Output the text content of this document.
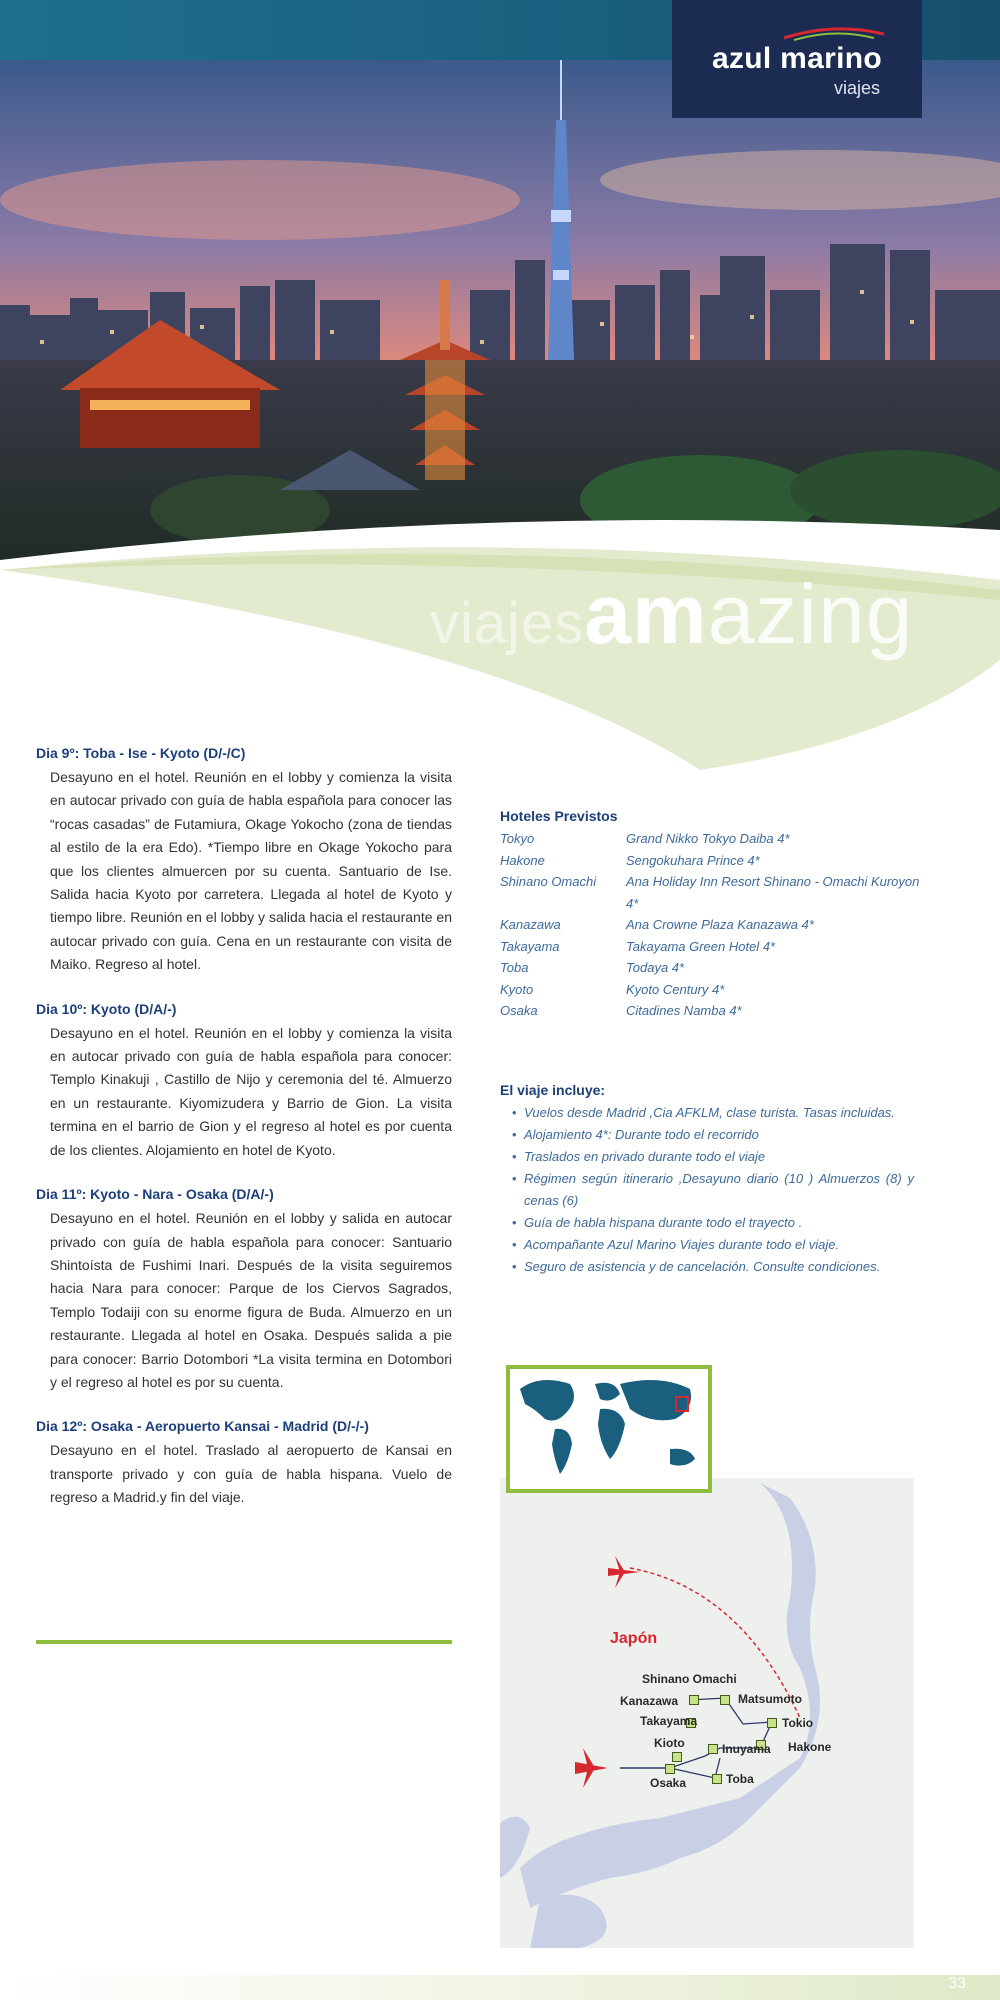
viajesamazing
azul marino
viajes
Dia 9º: Toba - Ise - Kyoto (D/-/C)
Desayuno en el hotel. Reunión en el lobby y comienza la visita en autocar privado con guía de habla española para conocer las “rocas casadas” de Futamiura, Okage Yokocho (zona de tiendas al estilo de la era Edo). *Tiempo libre en Okage Yokocho para que los clientes almuercen por su cuenta. Santuario de Ise. Salida hacia Kyoto por carretera. Llegada al hotel de Kyoto y tiempo libre. Reunión en el lobby y salida hacia el restaurante en autocar privado con guía. Cena en un restaurante con visita de Maiko. Regreso al hotel.
Dia 10º: Kyoto (D/A/-)
Desayuno en el hotel. Reunión en el lobby y comienza la visita en autocar privado con guía de habla española para conocer: Templo Kinakuji , Castillo de Nijo y ceremonia del té. Almuerzo en un restaurante. Kiyomizudera y Barrio de Gion. La visita termina en el barrio de Gion y el regreso al hotel es por cuenta de los clientes. Alojamiento en hotel de Kyoto.
Dia 11º: Kyoto - Nara - Osaka (D/A/-)
Desayuno en el hotel. Reunión en el lobby y salida en autocar privado con guía de habla española para conocer: Santuario Shintoísta de Fushimi Inari. Después de la visita seguiremos hacia Nara para conocer: Parque de los Ciervos Sagrados, Templo Todaiji con su enorme figura de Buda. Almuerzo en un restaurante. Llegada al hotel en Osaka. Después salida a pie para conocer: Barrio Dotombori *La visita termina en Dotombori y el regreso al hotel es por su cuenta.
Dia 12º: Osaka - Aeropuerto Kansai - Madrid (D/-/-)
Desayuno en el hotel. Traslado al aeropuerto de Kansai en transporte privado y con guía de habla hispana. Vuelo de regreso a Madrid.y fin del viaje.
Hoteles Previstos
Tokyo	Grand Nikko Tokyo Daiba 4*
Hakone	Sengokuhara Prince 4*
Shinano Omachi	Ana Holiday Inn Resort Shinano - Omachi Kuroyon 4*
Kanazawa	Ana Crowne Plaza Kanazawa 4*
Takayama	Takayama Green Hotel 4*
Toba	Todaya 4*
Kyoto	Kyoto Century 4*
Osaka	Citadines Namba 4*
El viaje incluye:
• Vuelos desde Madrid ,Cia AFKLM, clase turista. Tasas incluidas.
• Alojamiento 4*: Durante todo el recorrido
• Traslados en privado durante todo el viaje
• Régimen según itinerario ,Desayuno diario (10 ) Almuerzos (8) y cenas (6)
• Guía de habla hispana durante todo el trayecto .
• Acompañante Azul Marino Viajes durante todo el viaje.
• Seguro de asistencia y de cancelación. Consulte condiciones.
Japón
Shinano Omachi
Kanazawa	Matsumoto
Takayama	Tokio
Kioto	Inuyama Hakone
Osaka	Toba
33
